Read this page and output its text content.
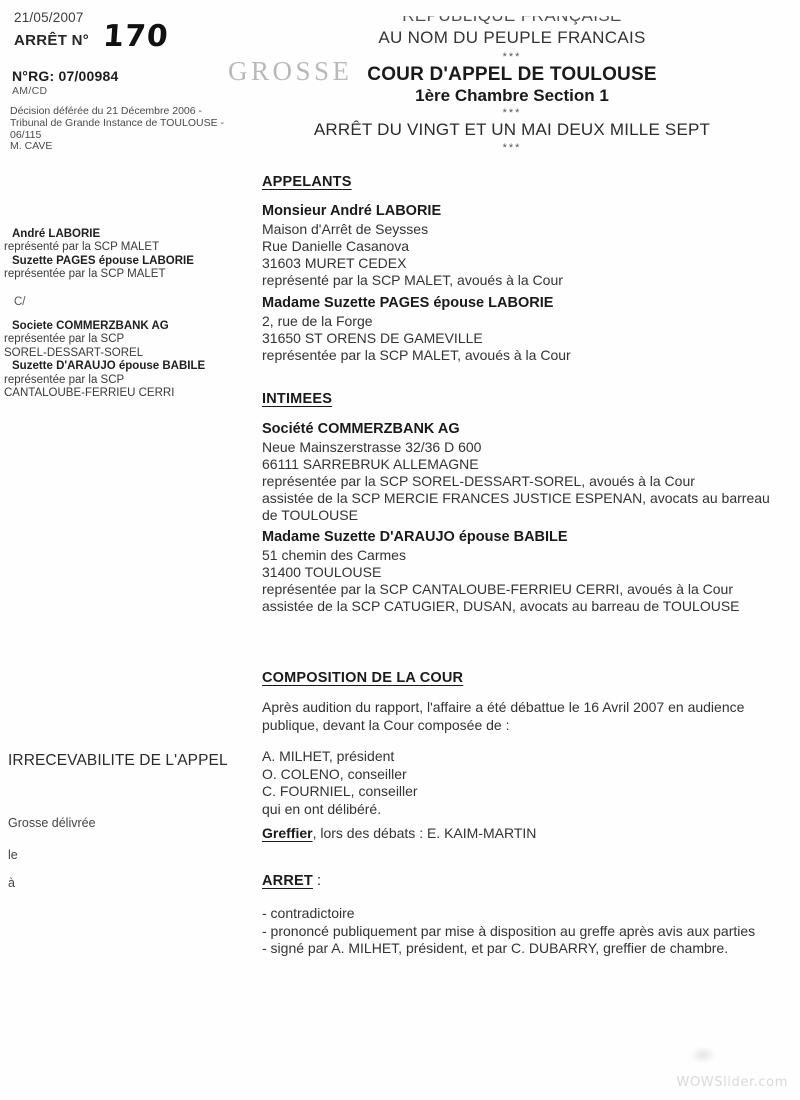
21/05/2007
ARRÊT N° 170
N°RG: 07/00984
AM/CD
Décision déférée du 21 Décembre 2006 -
Tribunal de Grande Instance de TOULOUSE -
06/115
M. CAVE
André LABORIE
représenté par la SCP MALET
Suzette PAGES épouse LABORIE
représentée par la SCP MALET
C/
Societe COMMERZBANK AG
représentée par la SCP
SOREL-DESSART-SOREL
Suzette D'ARAUJO épouse BABILE
représentée par la SCP
CANTALOUBE-FERRIEU CERRI
IRRECEVABILITE DE L'APPEL
Grosse délivrée
le
à
GROSSE
AU NOM DU PEUPLE FRANCAIS
***
COUR D'APPEL DE TOULOUSE
1ère Chambre Section 1
***
ARRÊT DU VINGT ET UN MAI DEUX MILLE SEPT
***
APPELANTS
Monsieur André LABORIE
Maison d'Arrêt de Seysses
Rue Danielle Casanova
31603 MURET CEDEX
représenté par la SCP MALET, avoués à la Cour
Madame Suzette PAGES épouse LABORIE
2, rue de la Forge
31650 ST ORENS DE GAMEVILLE
représentée par la SCP MALET, avoués à la Cour
INTIMEES
Société COMMERZBANK AG
Neue Mainszerstrasse 32/36 D 600
66111 SARREBRUK ALLEMAGNE
représentée par la SCP SOREL-DESSART-SOREL, avoués à la Cour
assistée de la SCP MERCIE FRANCES JUSTICE ESPENAN, avocats au barreau de TOULOUSE
Madame Suzette D'ARAUJO épouse BABILE
51 chemin des Carmes
31400 TOULOUSE
représentée par la SCP CANTALOUBE-FERRIEU CERRI, avoués à la Cour
assistée de la SCP CATUGIER, DUSAN, avocats au barreau de TOULOUSE
COMPOSITION DE LA COUR
Après audition du rapport, l'affaire a été débattue le 16 Avril 2007 en audience publique, devant la Cour composée de :
A. MILHET, président
O. COLENO, conseiller
C. FOURNIEL, conseiller
qui en ont délibéré.
Greffier, lors des débats : E. KAIM-MARTIN
ARRET :
- contradictoire
- prononcé publiquement par mise à disposition au greffe après avis aux parties
- signé par A. MILHET, président, et par C. DUBARRY, greffier de chambre.
WOWSlider.com
